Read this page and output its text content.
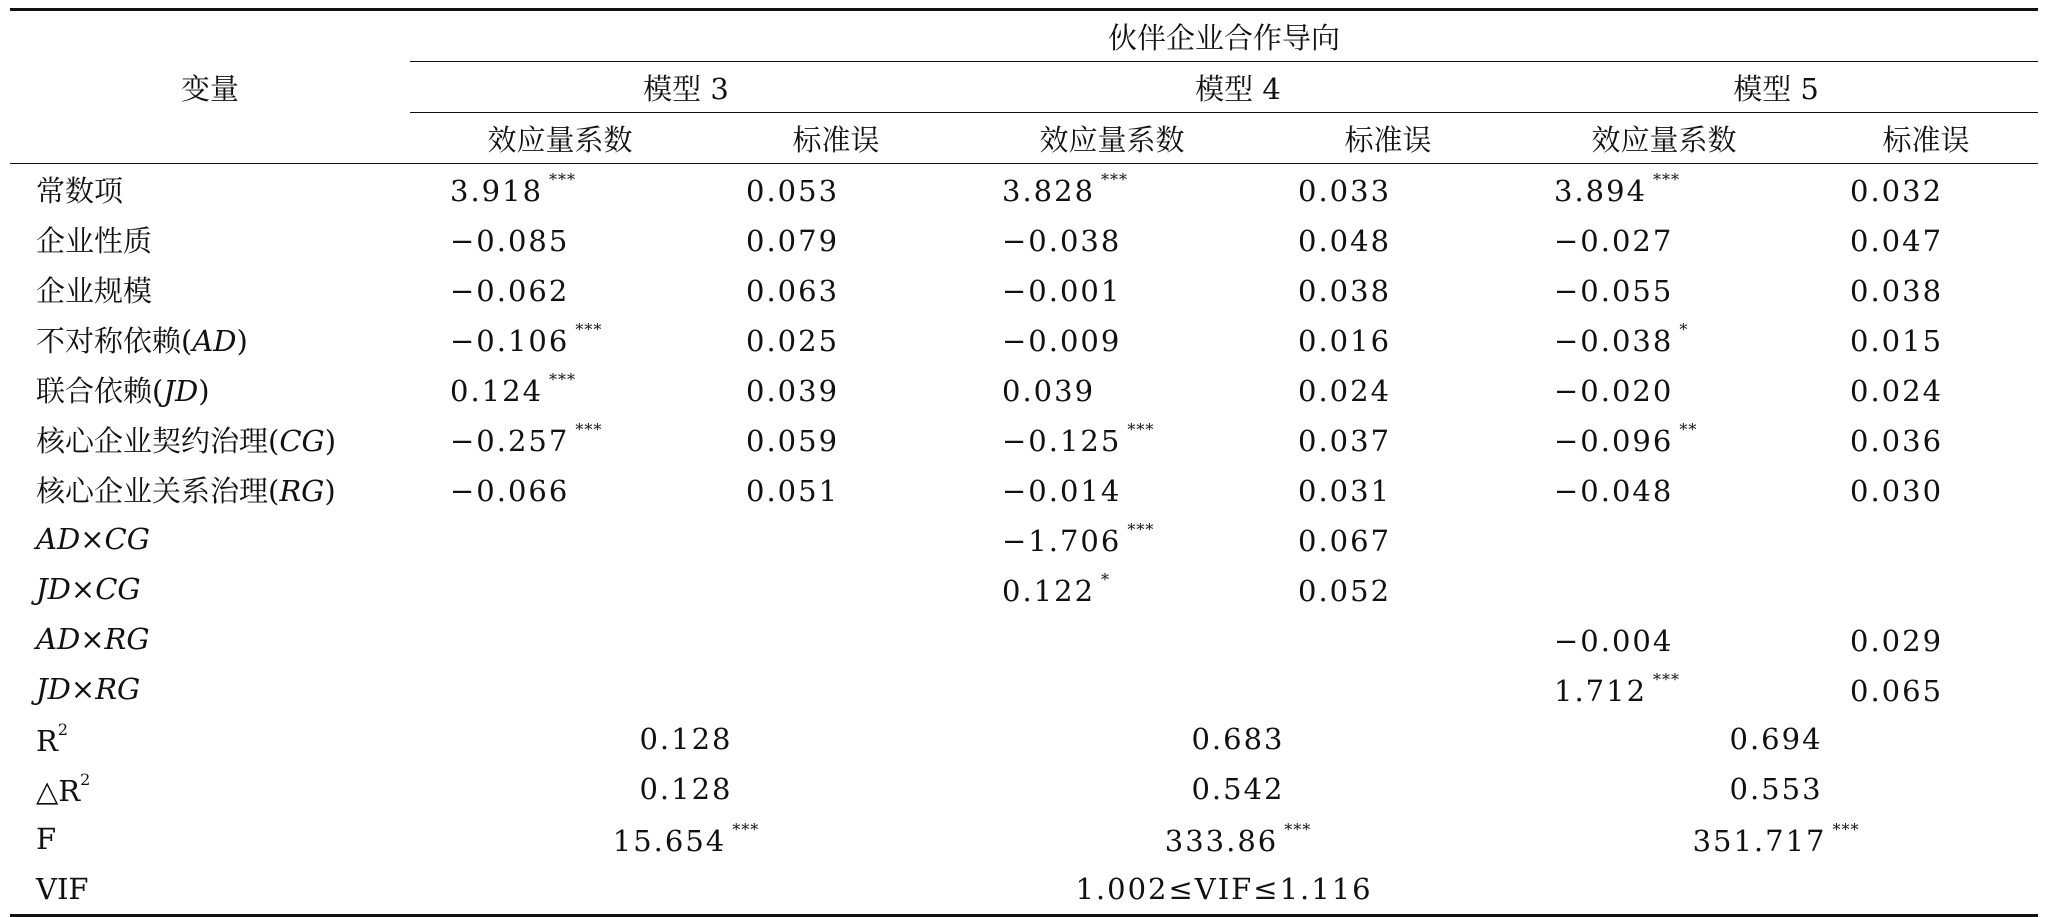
变量	伙伴企业合作导向					
	模型 3		模型 4		模型 5	
	效应量系数	标准误	效应量系数	标准误	效应量系数	标准误
常数项	3.918 ***	0.053	3.828 ***	0.033	3.894 ***	0.032
企业性质	−0.085	0.079	−0.038	0.048	−0.027	0.047
企业规模	−0.062	0.063	−0.001	0.038	−0.055	0.038
不对称依赖(AD)	−0.106 ***	0.025	−0.009	0.016	−0.038 *	0.015
联合依赖(JD)	0.124 ***	0.039	0.039	0.024	−0.020	0.024
核心企业契约治理(CG)	−0.257 ***	0.059	−0.125 ***	0.037	−0.096 **	0.036
核心企业关系治理(RG)	−0.066	0.051	−0.014	0.031	−0.048	0.030
AD×CG			−1.706 ***	0.067		
JD×CG			0.122 *	0.052		
AD×RG					−0.004	0.029
JD×RG					1.712 ***	0.065
$R^2$	0.128		0.683		0.694	
$\triangle R^2$	0.128		0.542		0.553	
F	15.654 ***		333.86 ***		351.717 ***
VIF	1.002≤VIF≤1.116					
